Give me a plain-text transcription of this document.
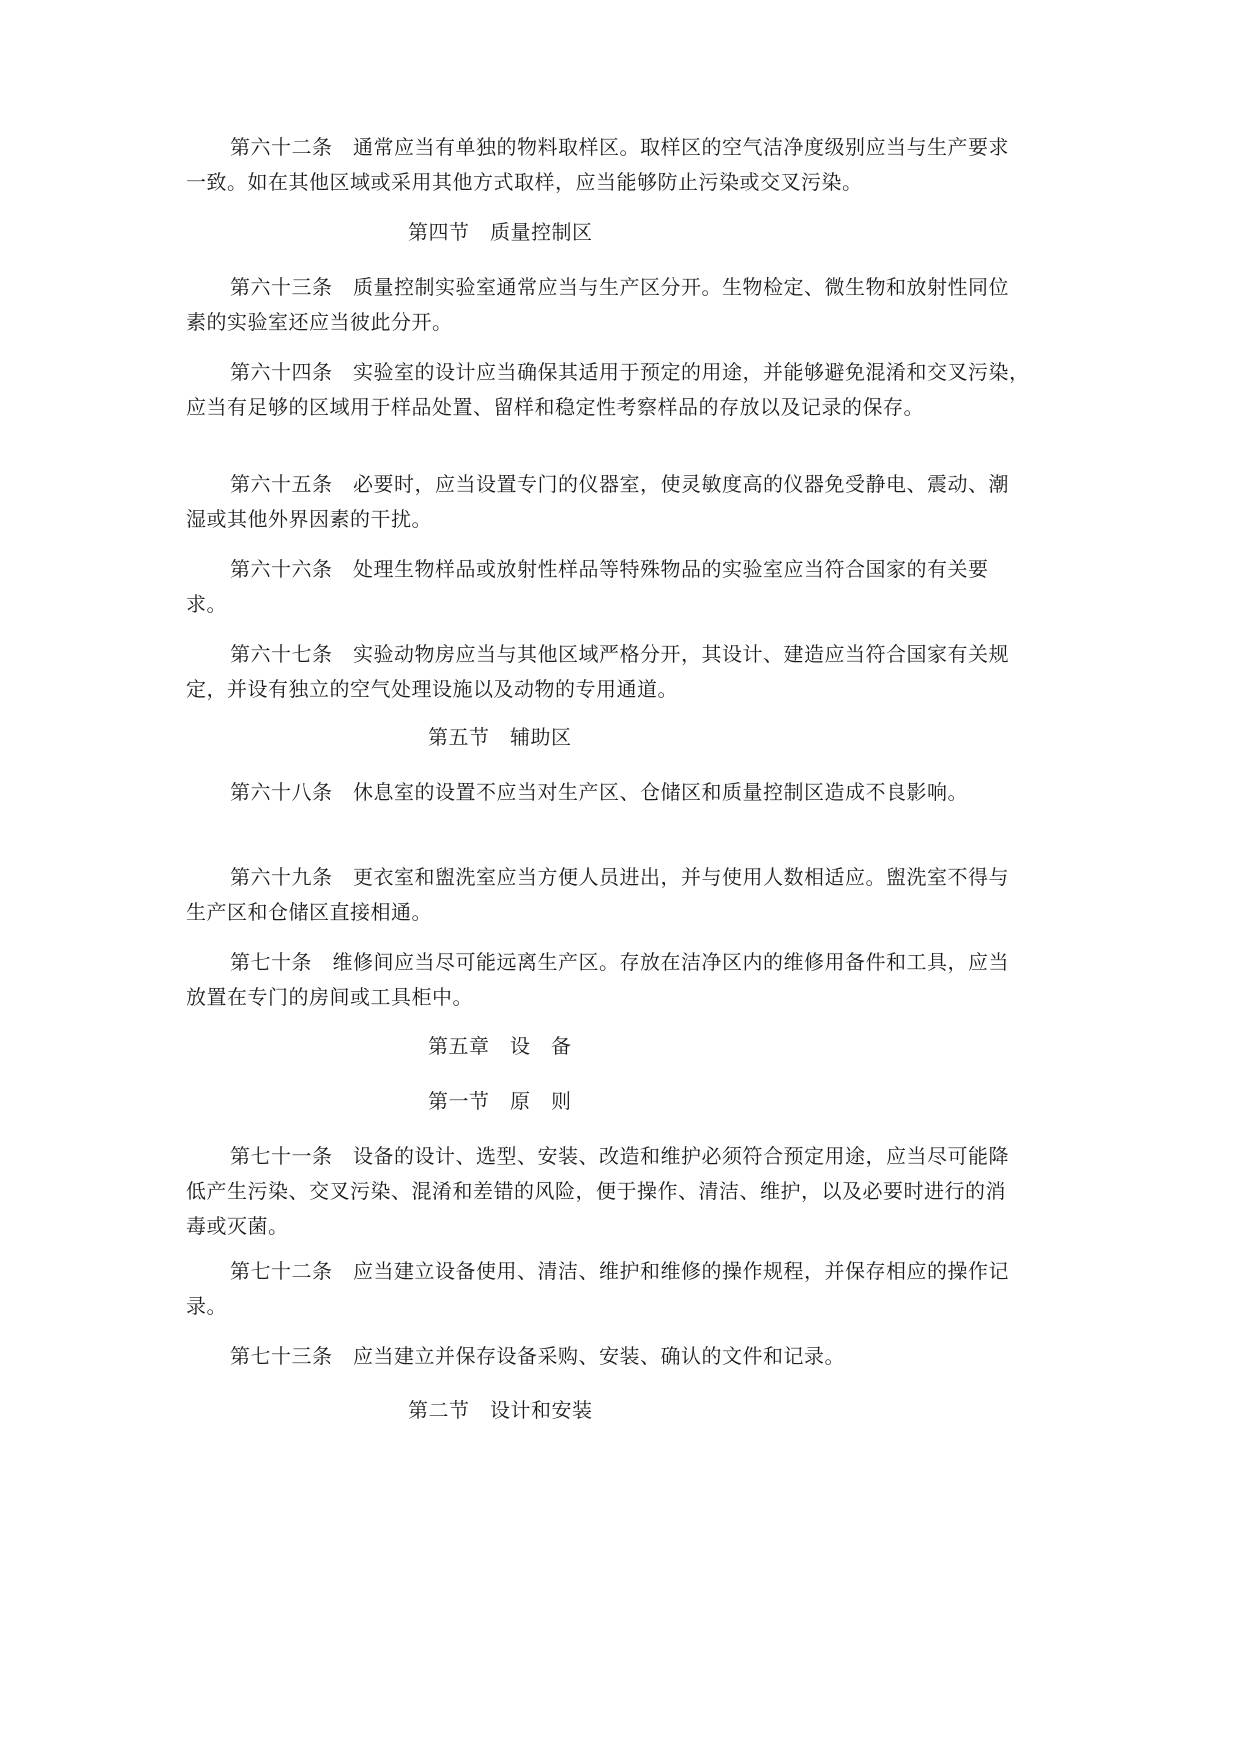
第六十二条　通常应当有单独的物料取样区。取样区的空气洁净度级别应当与生产要求
一致。如在其他区域或采用其他方式取样，应当能够防止污染或交叉污染。
第四节　质量控制区
第六十三条　质量控制实验室通常应当与生产区分开。生物检定、微生物和放射性同位
素的实验室还应当彼此分开。
第六十四条　实验室的设计应当确保其适用于预定的用途，并能够避免混淆和交叉污染，
应当有足够的区域用于样品处置、留样和稳定性考察样品的存放以及记录的保存。
第六十五条　必要时，应当设置专门的仪器室，使灵敏度高的仪器免受静电、震动、潮
湿或其他外界因素的干扰。
第六十六条　处理生物样品或放射性样品等特殊物品的实验室应当符合国家的有关要
求。
第六十七条　实验动物房应当与其他区域严格分开，其设计、建造应当符合国家有关规
定，并设有独立的空气处理设施以及动物的专用通道。
第五节　辅助区
第六十八条　休息室的设置不应当对生产区、仓储区和质量控制区造成不良影响。
第六十九条　更衣室和盥洗室应当方便人员进出，并与使用人数相适应。盥洗室不得与
生产区和仓储区直接相通。
第七十条　维修间应当尽可能远离生产区。存放在洁净区内的维修用备件和工具，应当
放置在专门的房间或工具柜中。
第五章　设　备
第一节　原　则
第七十一条　设备的设计、选型、安装、改造和维护必须符合预定用途，应当尽可能降
低产生污染、交叉污染、混淆和差错的风险，便于操作、清洁、维护，以及必要时进行的消
毒或灭菌。
第七十二条　应当建立设备使用、清洁、维护和维修的操作规程，并保存相应的操作记
录。
第七十三条　应当建立并保存设备采购、安装、确认的文件和记录。
第二节　设计和安装
